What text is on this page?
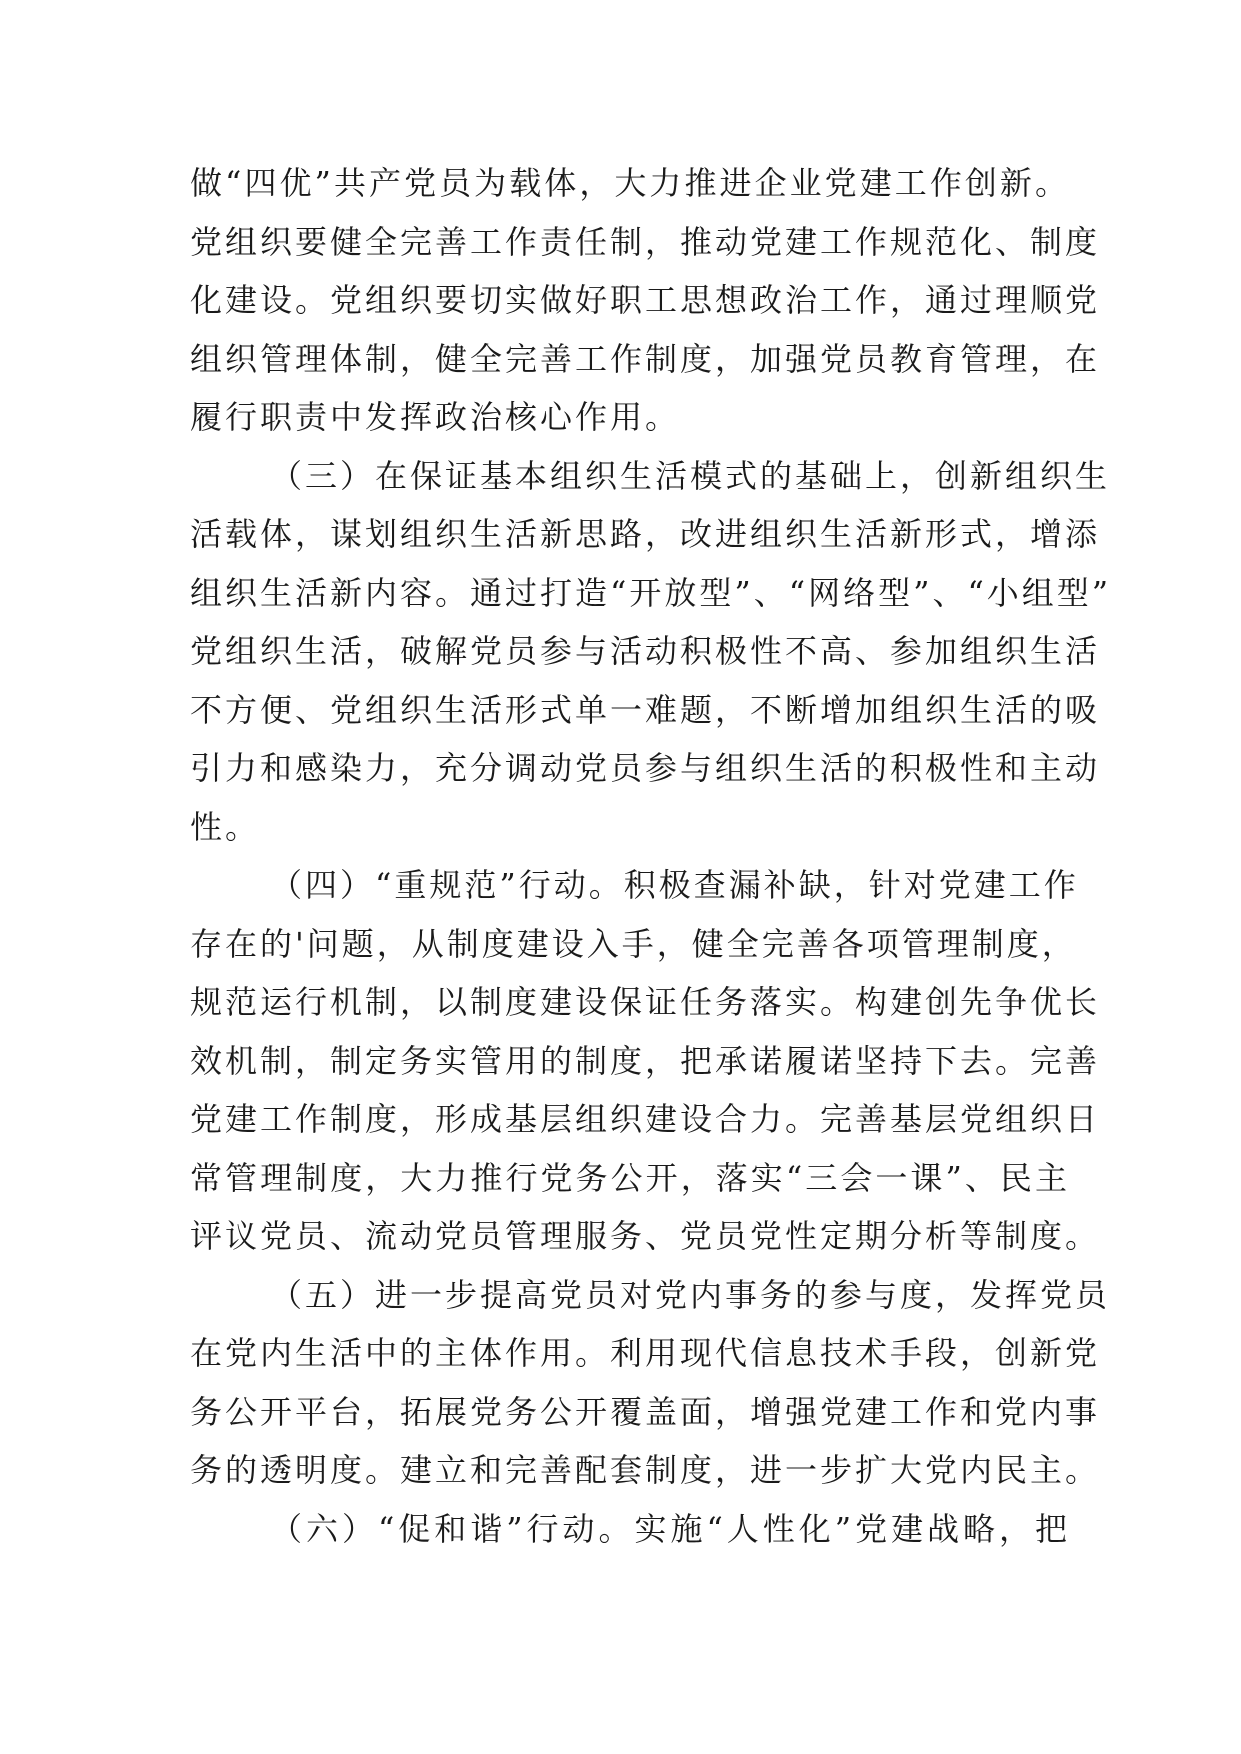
做“四优”共产党员为载体，大力推进企业党建工作创新。
党组织要健全完善工作责任制，推动党建工作规范化、制度
化建设。党组织要切实做好职工思想政治工作，通过理顺党
组织管理体制，健全完善工作制度，加强党员教育管理，在
履行职责中发挥政治核心作用。
（三）在保证基本组织生活模式的基础上，创新组织生
活载体，谋划组织生活新思路，改进组织生活新形式，增添
组织生活新内容。通过打造“开放型”、“网络型”、“小组型”
党组织生活，破解党员参与活动积极性不高、参加组织生活
不方便、党组织生活形式单一难题，不断增加组织生活的吸
引力和感染力，充分调动党员参与组织生活的积极性和主动
性。
（四）“重规范”行动。积极查漏补缺，针对党建工作
存在的'问题，从制度建设入手，健全完善各项管理制度，
规范运行机制，以制度建设保证任务落实。构建创先争优长
效机制，制定务实管用的制度，把承诺履诺坚持下去。完善
党建工作制度，形成基层组织建设合力。完善基层党组织日
常管理制度，大力推行党务公开，落实“三会一课”、民主
评议党员、流动党员管理服务、党员党性定期分析等制度。
（五）进一步提高党员对党内事务的参与度，发挥党员
在党内生活中的主体作用。利用现代信息技术手段，创新党
务公开平台，拓展党务公开覆盖面，增强党建工作和党内事
务的透明度。建立和完善配套制度，进一步扩大党内民主。
（六）“促和谐”行动。实施“人性化”党建战略，把
